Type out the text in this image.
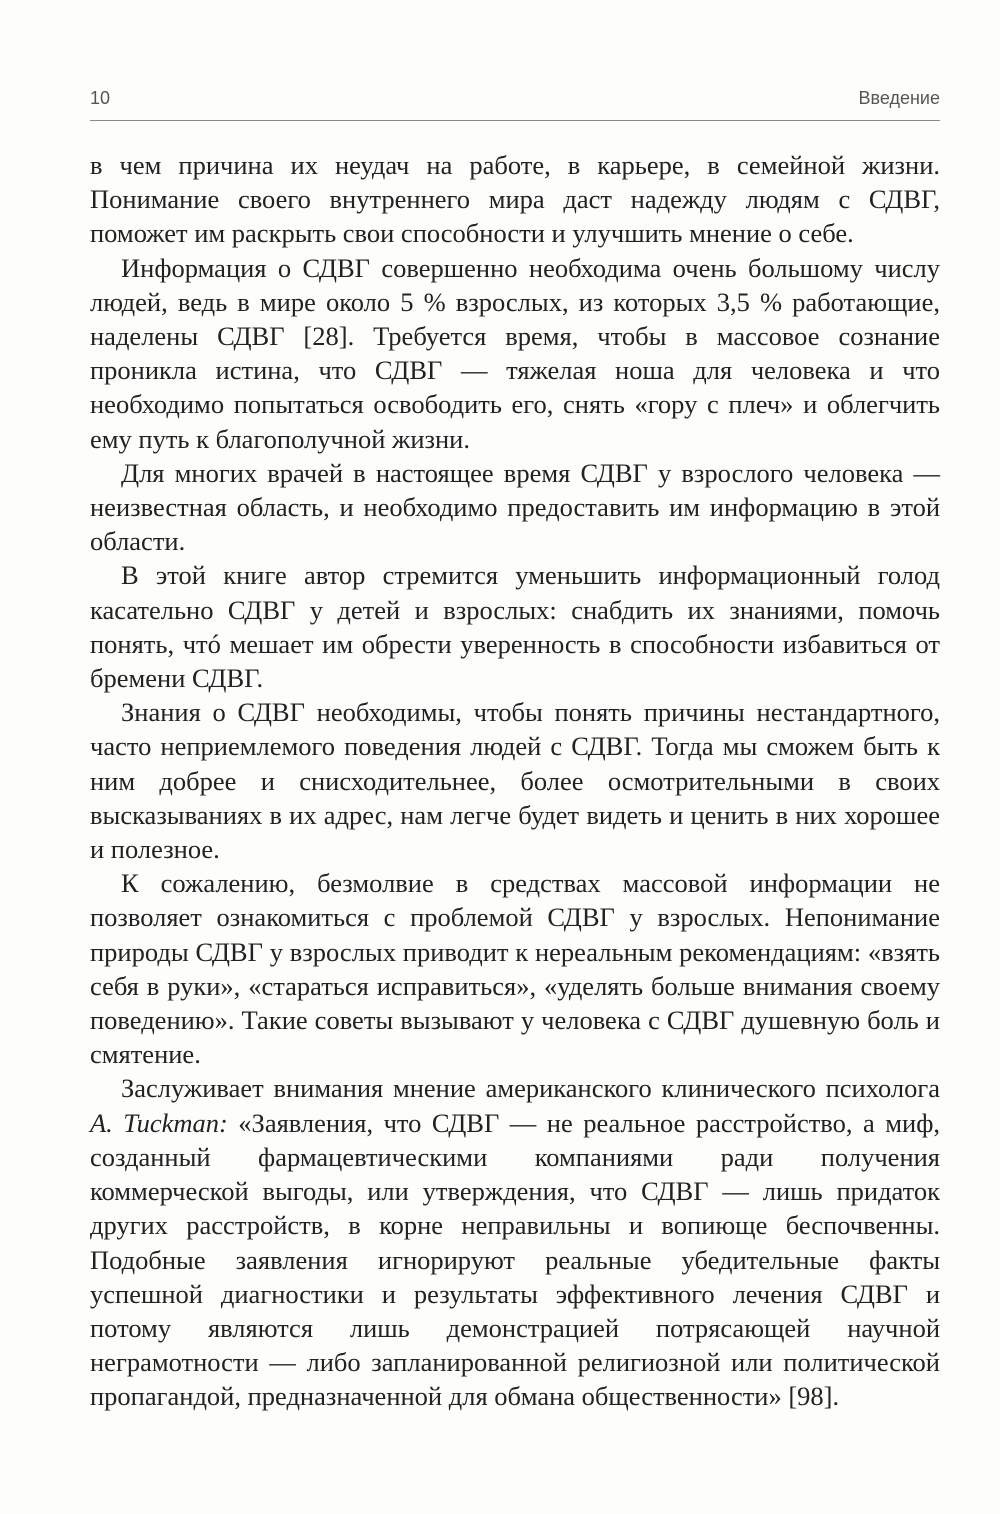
10	Введение

в чем причина их неудач на работе, в карьере, в семейной жизни. Понимание своего внутреннего мира даст надежду людям с СДВГ, поможет им раскрыть свои способности и улучшить мнение о себе.

Информация о СДВГ совершенно необходима очень большому числу людей, ведь в мире около 5 % взрослых, из которых 3,5 % работающие, наделены СДВГ [28]. Требуется время, чтобы в массовое сознание проникла истина, что СДВГ — тяжелая ноша для человека и что необходимо попытаться освободить его, снять «гору с плеч» и облегчить ему путь к благополучной жизни.

Для многих врачей в настоящее время СДВГ у взрослого человека — неизвестная область, и необходимо предоставить им информацию в этой области.

В этой книге автор стремится уменьшить информационный голод касательно СДВГ у детей и взрослых: снабдить их знаниями, помочь понять, чтó мешает им обрести уверенность в способности избавиться от бремени СДВГ.

Знания о СДВГ необходимы, чтобы понять причины нестандартного, часто неприемлемого поведения людей с СДВГ. Тогда мы сможем быть к ним добрее и снисходительнее, более осмотрительными в своих высказываниях в их адрес, нам легче будет видеть и ценить в них хорошее и полезное.

К сожалению, безмолвие в средствах массовой информации не позволяет ознакомиться с проблемой СДВГ у взрослых. Непонимание природы СДВГ у взрослых приводит к нереальным рекомендациям: «взять себя в руки», «стараться исправиться», «уделять больше внимания своему поведению». Такие советы вызывают у человека с СДВГ душевную боль и смятение.

Заслуживает внимания мнение американского клинического психолога A. Tuckman: «Заявления, что СДВГ — не реальное расстройство, а миф, созданный фармацевтическими компаниями ради получения коммерческой выгоды, или утверждения, что СДВГ — лишь придаток других расстройств, в корне неправильны и вопиюще беспочвенны. Подобные заявления игнорируют реальные убедительные факты успешной диагностики и результаты эффективного лечения СДВГ и потому являются лишь демонстрацией потрясающей научной неграмотности — либо запланированной религиозной или политической пропагандой, предназначенной для обмана общественности» [98].
